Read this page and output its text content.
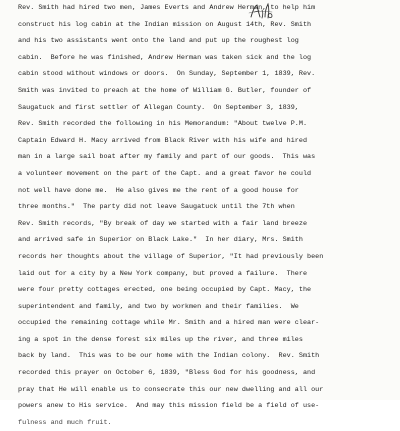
Rev. Smith had hired two men, James Everts and Andrew Herman, to help him
construct his log cabin at the Indian mission on August 14th, Rev. Smith
and his two assistants went onto the land and put up the roughest log
cabin.  Before he was finished, Andrew Herman was taken sick and the log
cabin stood without windows or doors.  On Sunday, September 1, 1839, Rev.
Smith was invited to preach at the home of William G. Butler, founder of
Saugatuck and first settler of Allegan County.  On September 3, 1839,
Rev. Smith recorded the following in his Memorandum: "About twelve P.M.
Captain Edward H. Macy arrived from Black River with his wife and hired
man in a large sail boat after my family and part of our goods.  This was
a volunteer movement on the part of the Capt. and a great favor he could
not well have done me.  He also gives me the rent of a good house for
three months."  The party did not leave Saugatuck until the 7th when
Rev. Smith records, "By break of day we started with a fair land breeze
and arrived safe in Superior on Black Lake."  In her diary, Mrs. Smith
records her thoughts about the village of Superior, "It had previously been
laid out for a city by a New York company, but proved a failure.  There
were four pretty cottages erected, one being occupied by Capt. Macy, the
superintendent and family, and two by workmen and their families.  We
occupied the remaining cottage while Mr. Smith and a hired man were clear-
ing a spot in the dense forest six miles up the river, and three miles
back by land.  This was to be our home with the Indian colony.  Rev. Smith
recorded this prayer on October 6, 1839, "Bless God for his goodness, and
pray that He will enable us to consecrate this our new dwelling and all our
powers anew to His service.  And may this mission field be a field of use-
fulness and much fruit.
